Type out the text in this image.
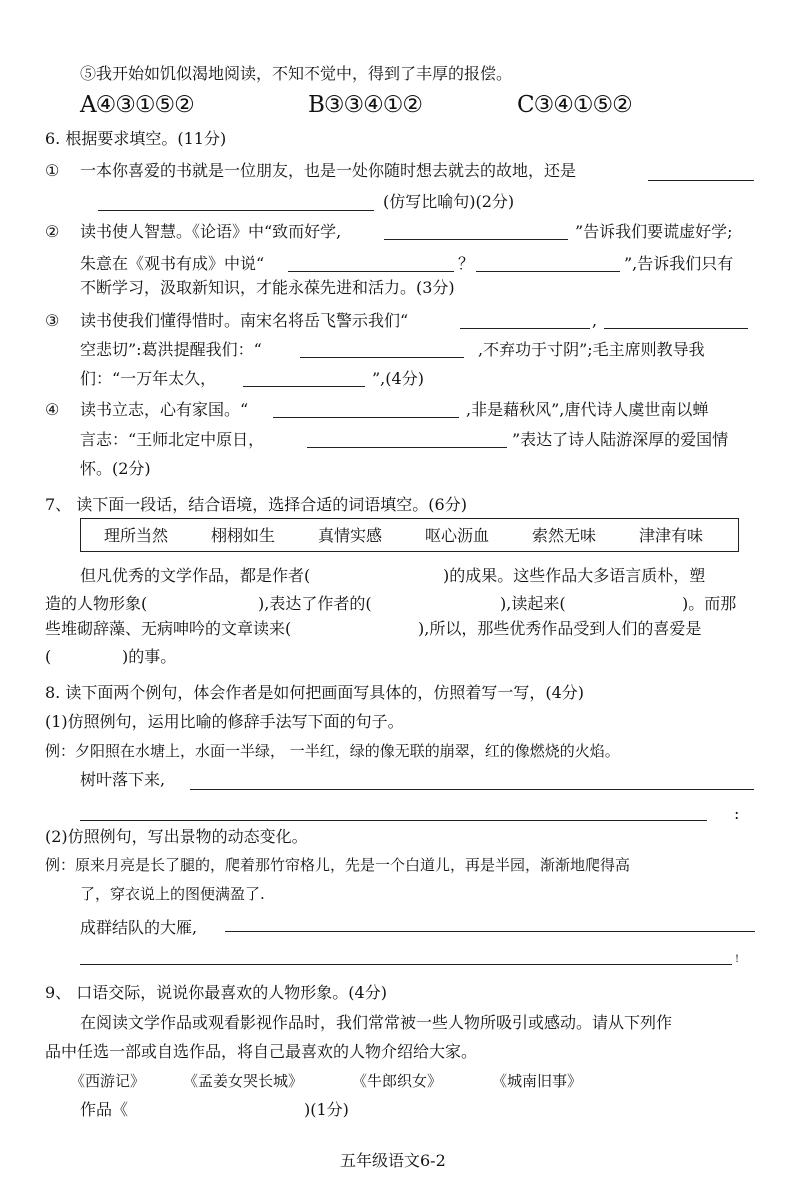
⑤我开始如饥似渴地阅读，不知不觉中，得到了丰厚的报偿。
A④③①⑤②	B③③④①②	C③④①⑤②
6. 根据要求填空。(11分)
① 一本你喜爱的书就是一位朋友，也是一处你随时想去就去的故地，还是
(仿写比喻句)(2分)
② 读书使人智慧。《论语》中“致而好学,	”告诉我们要谎虚好学;
朱意在《观书有成》中说“	？	”,告诉我们只有
不断学习，汲取新知识，才能永葆先进和活力。(3分)
③ 读书使我们懂得惜时。南宋名将岳飞警示我们“	,
空悲切”:葛洪提醒我们：“	,不弃功于寸阴”;毛主席则教导我
们：“一万年太久，	”,(4分)
④ 读书立志，心有家国。“	,非是藉秋风”,唐代诗人虞世南以蝉
言志：“王师北定中原日，	”表达了诗人陆游深厚的爱国情
怀。(2分)
7、 读下面一段话，结合语境，选择合适的词语填空。(6分)
理所当然	栩栩如生	真情实感	呕心沥血	索然无味	津津有味
但凡优秀的文学作品，都是作者(	)的成果。这些作品大多语言质朴，塑
造的人物形象(	),表达了作者的(	),读起来(	)。而那
些堆砌辞藻、无病呻吟的文章读来(	),所以，那些优秀作品受到人们的喜爱是
(	)的事。
8. 读下面两个例句，体会作者是如何把画面写具体的，仿照着写一写，(4分)
(1)仿照例句，运用比喻的修辞手法写下面的句子。
例：夕阳照在水塘上，水面一半绿， 一半红，绿的像无联的崩翠，红的像燃烧的火焰。
树叶落下来,
:
(2)仿照例句，写出景物的动态变化。
例：原来月亮是长了腿的，爬着那竹帘格儿，先是一个白道儿，再是半园，渐渐地爬得高
了，穿衣说上的图便满盈了.
成群结队的大雁,
!
9、 口语交际，说说你最喜欢的人物形象。(4分)
在阅读文学作品或观看影视作品时，我们常常被一些人物所吸引或感动。请从下列作
品中任选一部或自选作品，将自己最喜欢的人物介绍给大家。
《西游记》	《孟姜女哭长城》	《牛郎织女》	《城南旧事》
作品《	)(1分)
五年级语文6-2
